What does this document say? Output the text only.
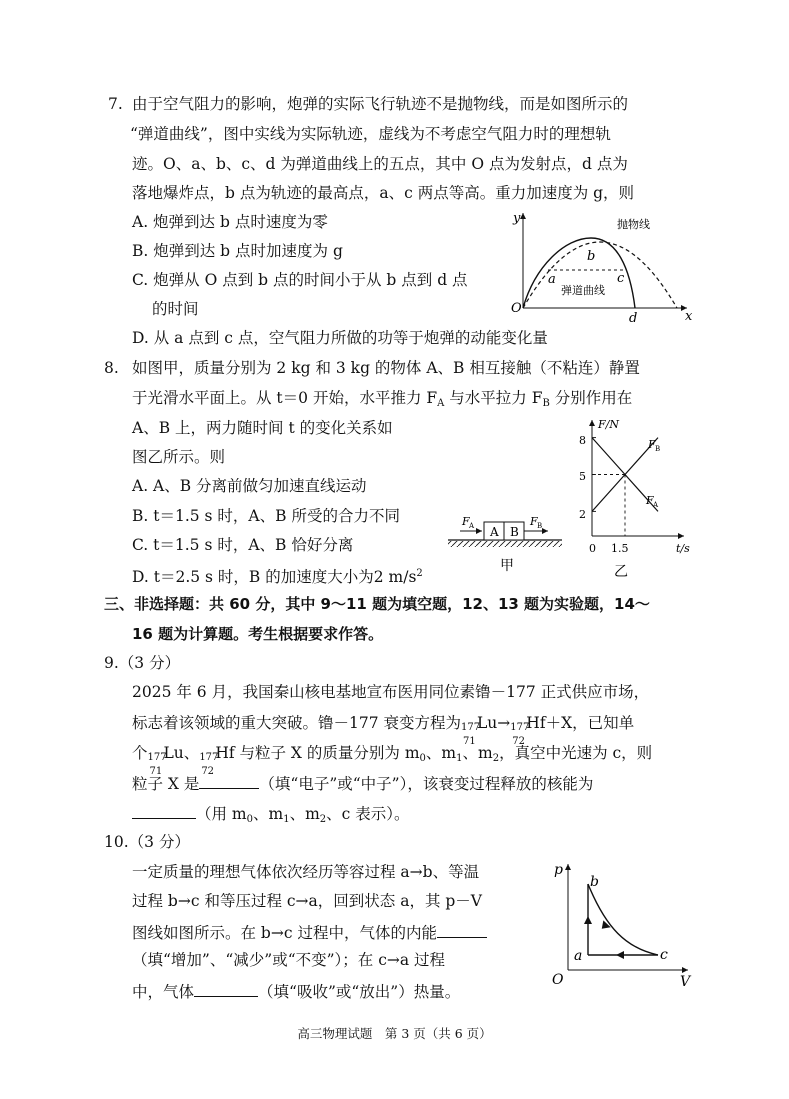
7. 由于空气阻力的影响，炮弹的实际飞行轨迹不是抛物线，而是如图所示的
“弹道曲线”，图中实线为实际轨迹，虚线为不考虑空气阻力时的理想轨
迹。O、a、b、c、d 为弹道曲线上的五点，其中 O 点为发射点，d 点为
落地爆炸点，b 点为轨迹的最高点，a、c 两点等高。重力加速度为 g，则
A. 炮弹到达 b 点时速度为零
B. 炮弹到达 b 点时加速度为 g
C. 炮弹从 O 点到 b 点的时间小于从 b 点到 d 点
的时间
D. 从 a 点到 c 点，空气阻力所做的功等于炮弹的动能变化量
y
x
O
抛物线
弹道曲线
a
b
c
d
8. 如图甲，质量分别为 2 kg 和 3 kg 的物体 A、B 相互接触（不粘连）静置
于光滑水平面上。从 t＝0 开始，水平推力 $F_A$ 与水平拉力 $F_B$ 分别作用在
A、B 上，两力随时间 t 的变化关系如
图乙所示。则
A. A、B 分离前做匀加速直线运动
B. t＝1.5 s 时，A、B 所受的合力不同
C. t＝1.5 s 时，A、B 恰好分离
D. t＝2.5 s 时，B 的加速度大小为2 $m/s^2$
A B
F A	F B
甲
F/N
t/s
0
8
5
2
1.5
F B
F A
乙
三、非选择题：共 60 分，其中 9～11 题为填空题，12、13 题为实验题，14～
16 题为计算题。考生根据要求作答。
9.（3 分）
2025 年 6 月，我国秦山核电基地宣布医用同位素镥－177 正式供应市场，
标志着该领域的重大突破。镥－177 衰变方程为 177
71
Lu→ 177
72
Hf＋X，已知单
个 177
71
Lu、 177
72
Hf 与粒子 X 的质量分别为 $m_0$、$m_1$、$m_2$，真空中光速为 c，则
粒子 X 是	（填“电子”或“中子”），该衰变过程释放的核能为
（用 $m_0$、$m_1$、$m_2$、c 表示）。
10.（3 分）
一定质量的理想气体依次经历等容过程 a→b、等温
过程 b→c 和等压过程 c→a，回到状态 a，其 p－V
图线如图所示。在 b→c 过程中，气体的内能
（填“增加”、“减少”或“不变”）；在 c→a 过程
中，气体	（填“吸收”或“放出”）热量。
p
V
O
a
b
c
高三物理试题　第 3 页（共 6 页）
